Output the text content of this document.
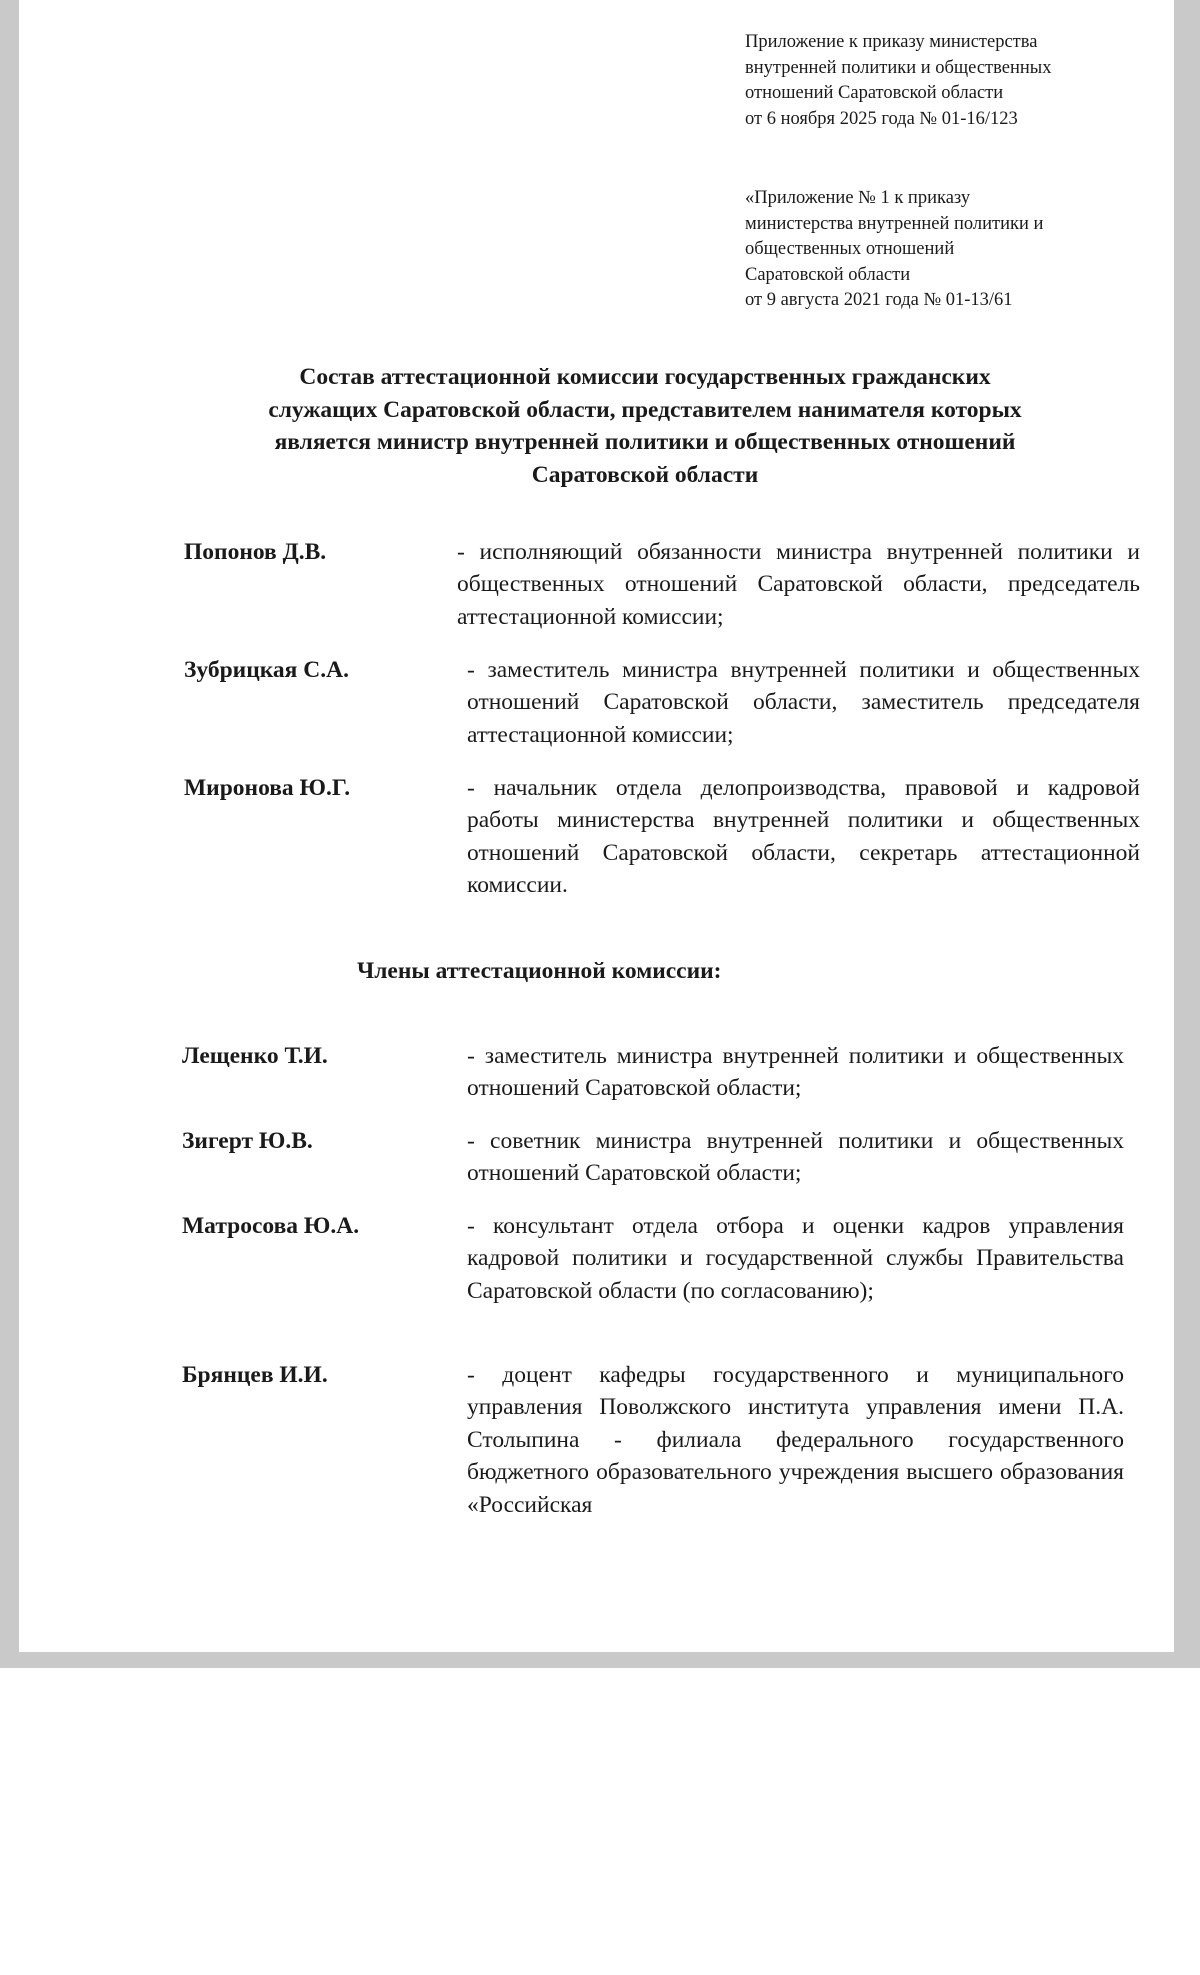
Приложение к приказу министерства
внутренней политики и общественных
отношений Саратовской области
от 6 ноября 2025 года № 01-16/123
«Приложение № 1 к приказу
министерства внутренней политики и
общественных отношений
Саратовской области
от 9 августа 2021 года № 01-13/61
Состав аттестационной комиссии государственных гражданских
служащих Саратовской области, представителем нанимателя которых
является министр внутренней политики и общественных отношений
Саратовской области
Попонов Д.В.	- исполняющий обязанности министра внутренней политики и общественных отношений Саратовской области, председатель аттестационной комиссии;
Зубрицкая С.А.	- заместитель министра внутренней политики и общественных отношений Саратовской области, заместитель председателя аттестационной комиссии;
Миронова Ю.Г.	- начальник отдела делопроизводства, правовой и кадровой работы министерства внутренней политики и общественных отношений Саратовской области, секретарь аттестационной комиссии.
Члены аттестационной комиссии:
Лещенко Т.И.	- заместитель министра внутренней политики и общественных отношений Саратовской области;
Зигерт Ю.В.	- советник министра внутренней политики и общественных отношений Саратовской области;
Матросова Ю.А.	- консультант отдела отбора и оценки кадров управления кадровой политики и государственной службы Правительства Саратовской области (по согласованию);
Брянцев И.И.	- доцент кафедры государственного и муниципального управления Поволжского института управления имени П.А. Столыпина - филиала федерального государственного бюджетного образовательного учреждения высшего образования «Российская
